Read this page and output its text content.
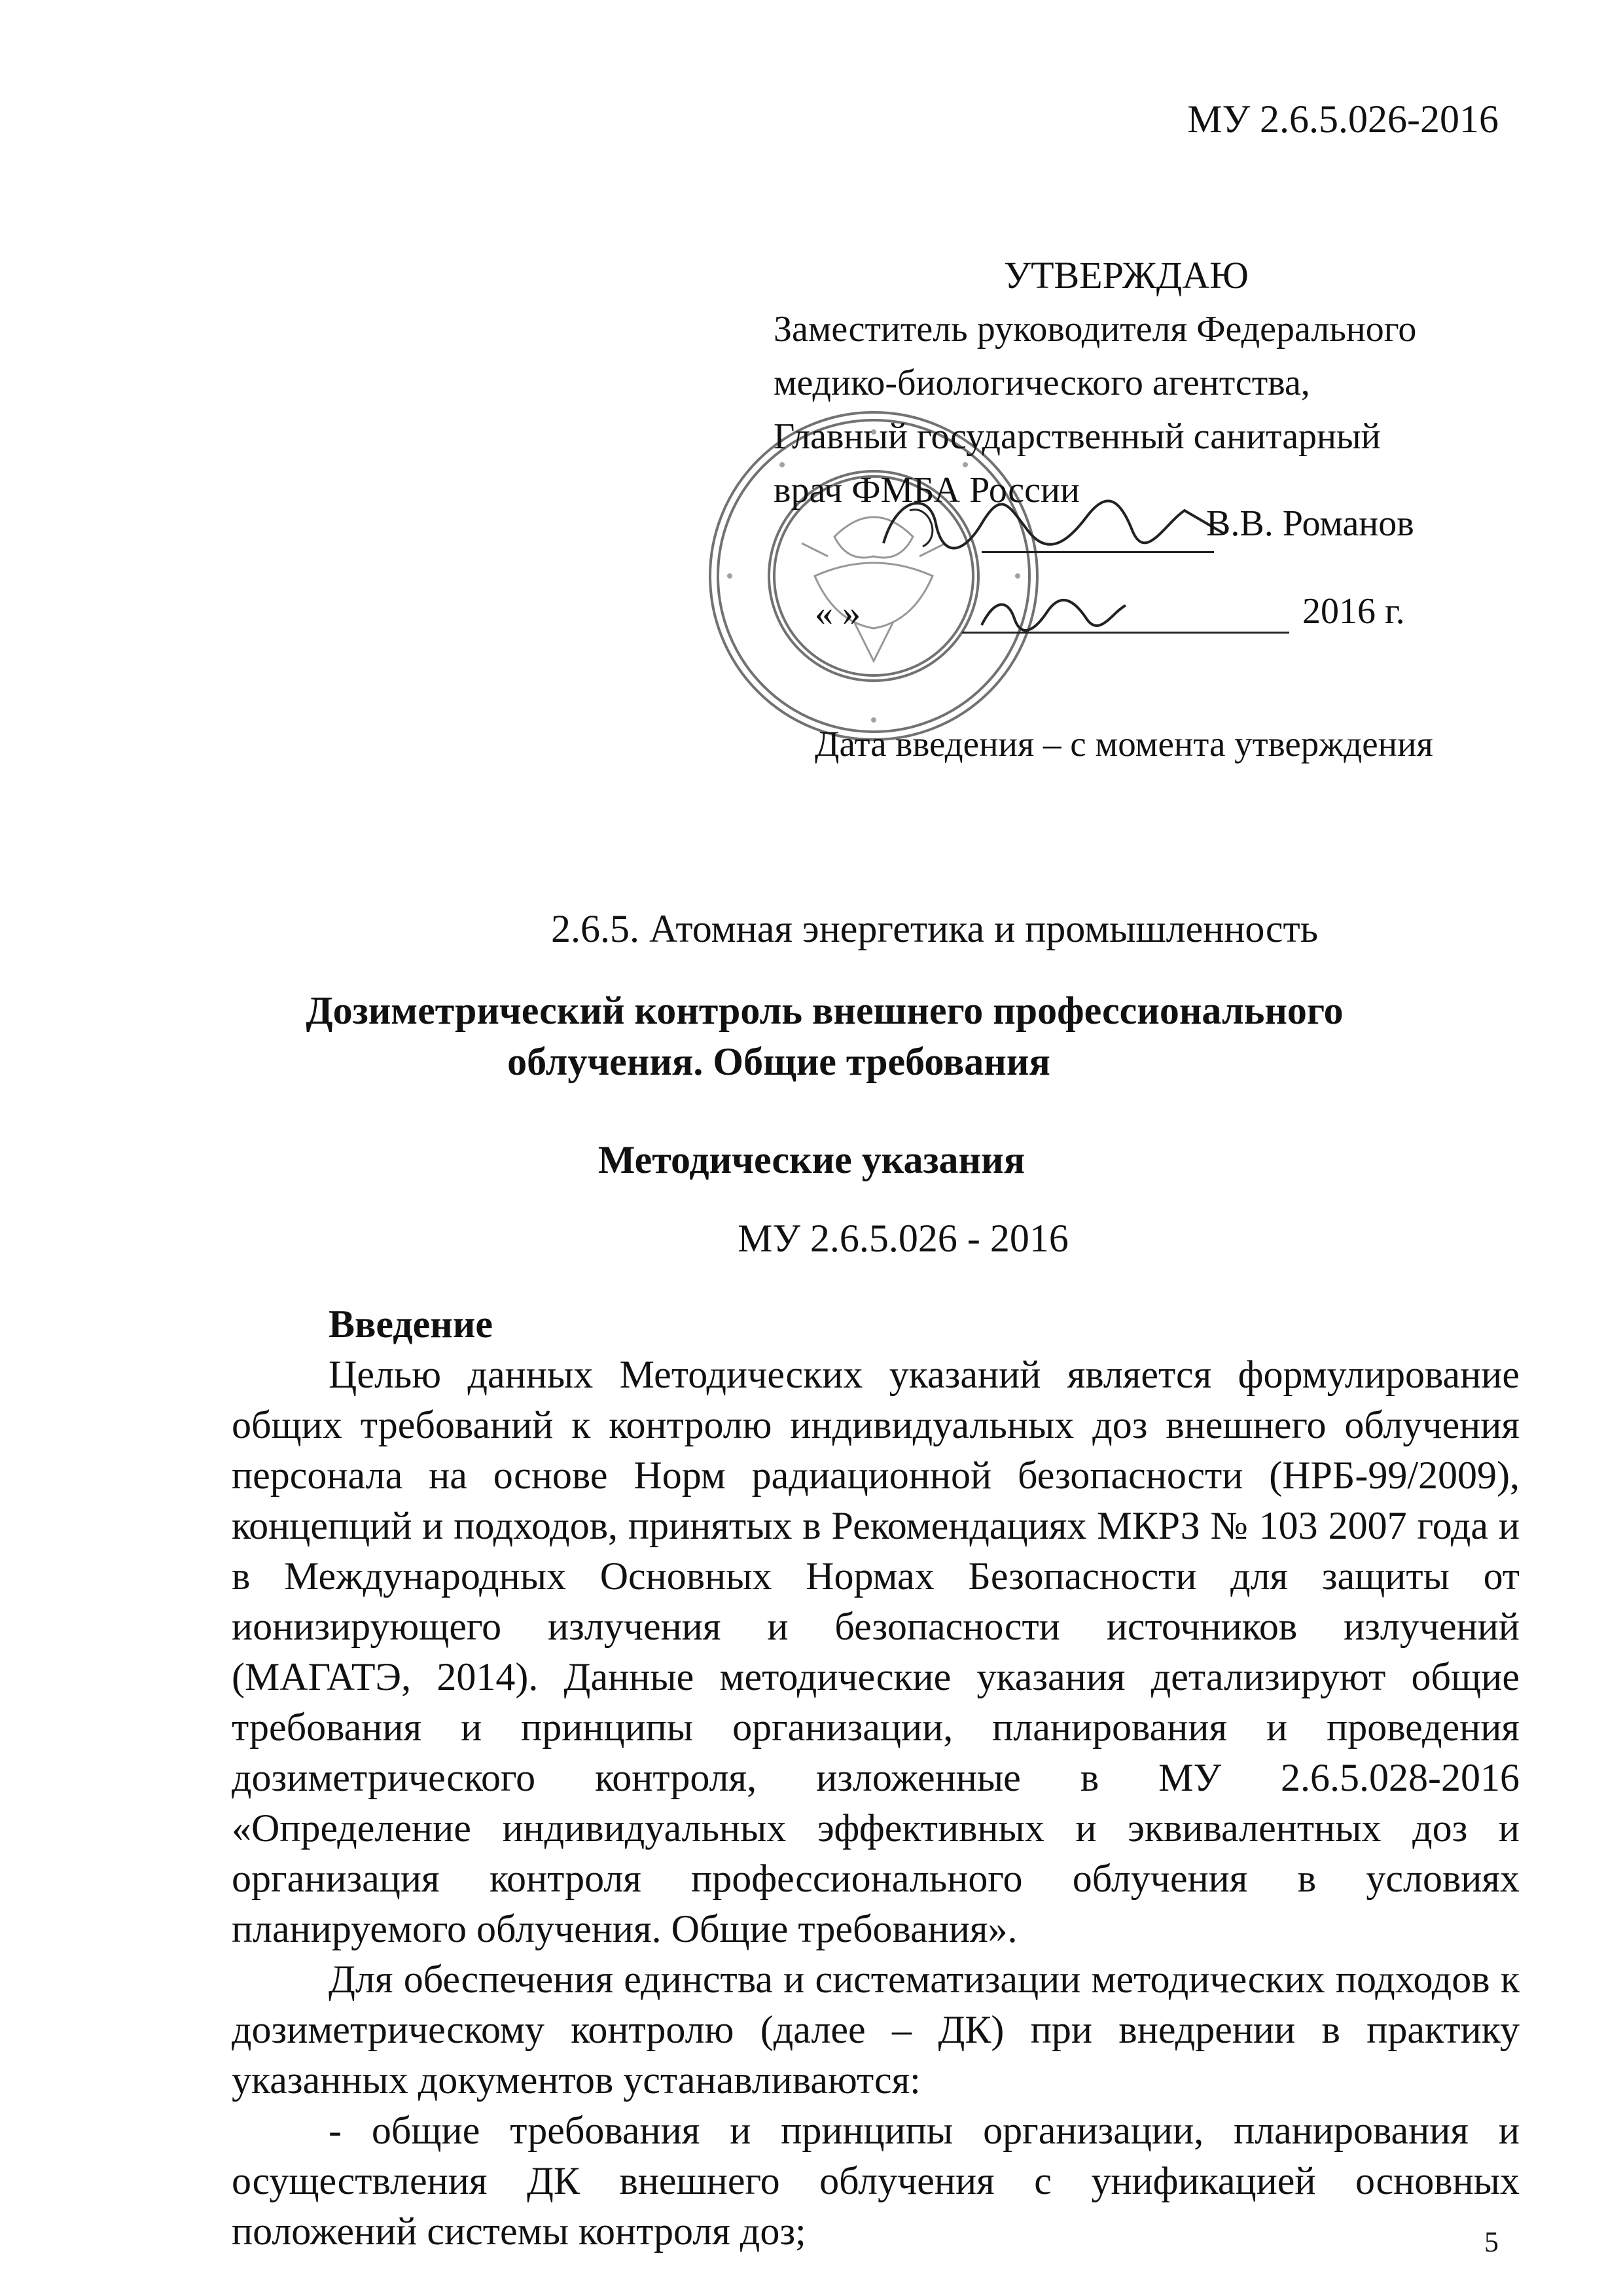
МУ 2.6.5.026-2016
УТВЕРЖДАЮ
Заместитель руководителя Федерального
медико-биологического агентства,
Главный государственный санитарный
врач ФМБА России
В.В. Романов
« »	2016 г.
Дата введения – с момента утверждения
2.6.5. Атомная энергетика и промышленность
Дозиметрический контроль внешнего профессионального
облучения. Общие требования
Методические указания
МУ 2.6.5.026 - 2016
Введение

Целью данных Методических указаний является формулирование общих требований к контролю индивидуальных доз внешнего облучения персонала на основе Норм радиационной безопасности (НРБ-99/2009), концепций и подходов, принятых в Рекомендациях МКРЗ № 103 2007 года и в Международных Основных Нормах Безопасности для защиты от ионизирующего излучения и безопасности источников излучений (МАГАТЭ, 2014). Данные методические указания детализируют общие требования и принципы организации, планирования и проведения дозиметрического контроля, изложенные в МУ 2.6.5.028-2016 «Определение индивидуальных эффективных и эквивалентных доз и организация контроля профессионального облучения в условиях планируемого облучения. Общие требования».

Для обеспечения единства и систематизации методических подходов к дозиметрическому контролю (далее – ДК) при внедрении в практику указанных документов устанавливаются:

- общие требования и принципы организации, планирования и осуществления ДК внешнего облучения с унификацией основных положений системы контроля доз;	5
